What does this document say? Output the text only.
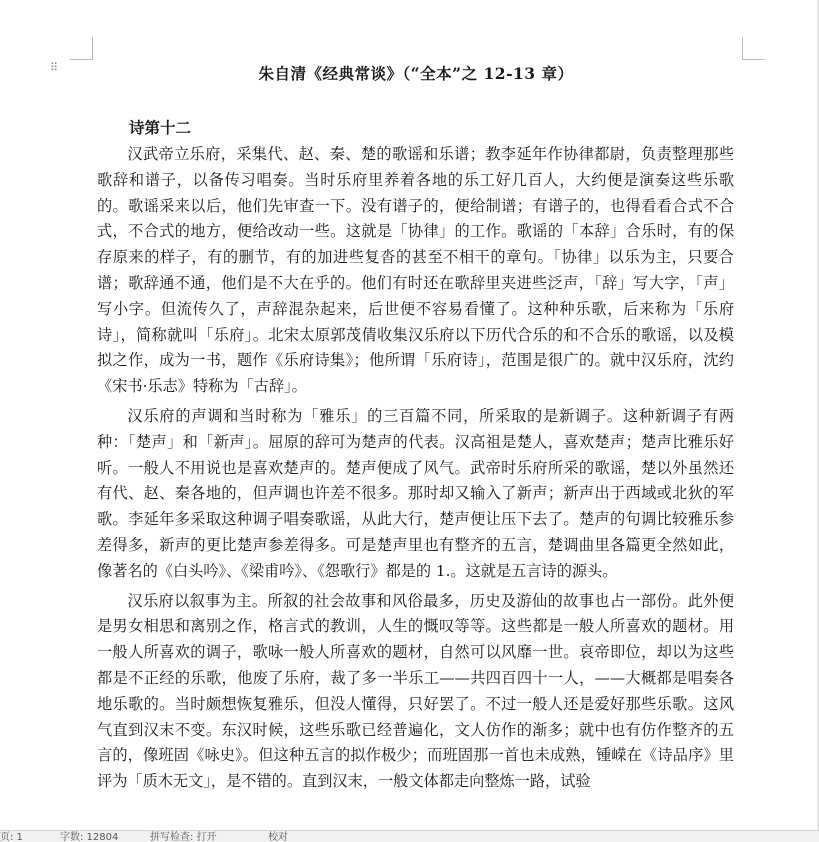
⠿	朱自清《经典常谈》（“全本”之 12-13 章）
诗第十二

汉武帝立乐府，采集代、赵、秦、楚的歌谣和乐谱；教李延年作协律都尉，负责整理那些歌辞和谱子，以备传习唱奏。当时乐府里养着各地的乐工好几百人，大约便是演奏这些乐歌的。歌谣采来以后，他们先审查一下。没有谱子的，便给制谱；有谱子的，也得看看合式不合式，不合式的地方，便给改动一些。这就是「协律」的工作。歌谣的「本辞」合乐时，有的保存原来的样子，有的删节，有的加进些复沓的甚至不相干的章句。「协律」以乐为主，只要合谱；歌辞通不通，他们是不大在乎的。他们有时还在歌辞里夹进些泛声，「辞」写大字，「声」写小字。但流传久了，声辞混杂起来，后世便不容易看懂了。这种种乐歌，后来称为「乐府诗」，简称就叫「乐府」。北宋太原郭茂倩收集汉乐府以下历代合乐的和不合乐的歌谣，以及模拟之作，成为一书，题作《乐府诗集》；他所谓「乐府诗」，范围是很广的。就中汉乐府，沈约《宋书·乐志》特称为「古辞」。

汉乐府的声调和当时称为「雅乐」的三百篇不同，所采取的是新调子。这种新调子有两种：「楚声」和「新声」。屈原的辞可为楚声的代表。汉高祖是楚人，喜欢楚声；楚声比雅乐好听。一般人不用说也是喜欢楚声的。楚声便成了风气。武帝时乐府所采的歌谣，楚以外虽然还有代、赵、秦各地的，但声调也许差不很多。那时却又输入了新声；新声出于西域或北狄的军歌。李延年多采取这种调子唱奏歌谣，从此大行，楚声便让压下去了。楚声的句调比较雅乐参差得多，新声的更比楚声参差得多。可是楚声里也有整齐的五言，楚调曲里各篇更全然如此，像著名的《白头吟》、《梁甫吟》、《怨歌行》都是的 1.。这就是五言诗的源头。

汉乐府以叙事为主。所叙的社会故事和风俗最多，历史及游仙的故事也占一部份。此外便是男女相思和离别之作，格言式的教训，人生的慨叹等等。这些都是一般人所喜欢的题材。用一般人所喜欢的调子，歌咏一般人所喜欢的题材，自然可以风靡一世。哀帝即位，却以为这些都是不正经的乐歌，他废了乐府，裁了多一半乐工——共四百四十一人，——大概都是唱奏各地乐歌的。当时颇想恢复雅乐，但没人懂得，只好罢了。不过一般人还是爱好那些乐歌。这风气直到汉末不变。东汉时候，这些乐歌已经普遍化，文人仿作的渐多；就中也有仿作整齐的五言的，像班固《咏史》。但这种五言的拟作极少；而班固那一首也未成熟，锺嵘在《诗品序》里评为「质木无文」，是不错的。直到汉末，一般文体都走向整炼一路，试验

页: 1	字数: 12804	拼写检查: 打开	校对
